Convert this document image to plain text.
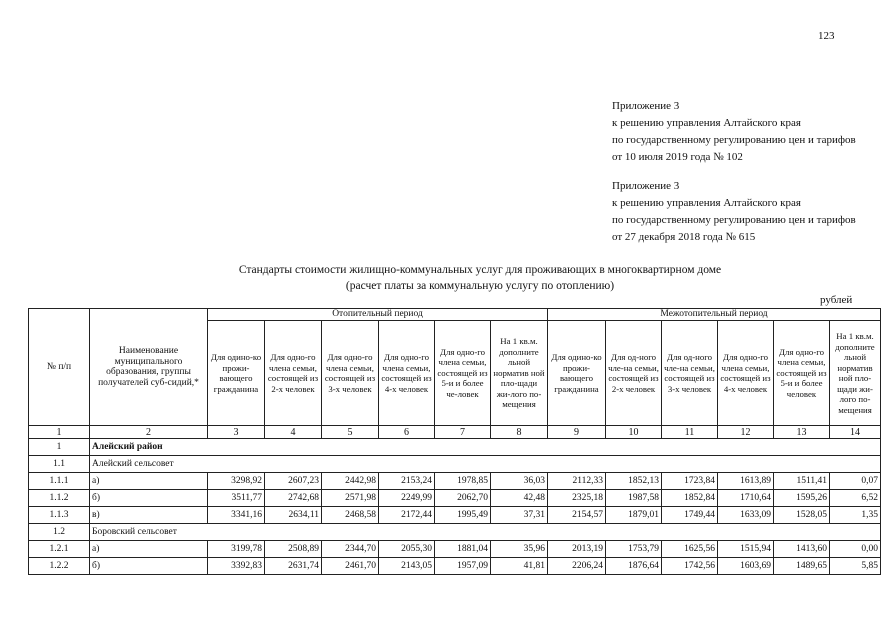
123
Приложение 3
к решению управления Алтайского края
по государственному регулированию цен и тарифов
от 10 июля 2019 года № 102
Приложение 3
к решению управления Алтайского края
по государственному регулированию цен и тарифов
от 27 декабря 2018 года № 615
Стандарты стоимости жилищно-коммунальных услуг для проживающих в многоквартирном доме
(расчет платы за коммунальную услугу по отоплению)
рублей
№ п/п	Наименование муниципального образования, группы получателей суб-сидий,*	Отопительный период						Межотопительный период					
		Для одино-ко прожи-вающего гражданина	Для одно-го члена семьи, состоящей из 2-х человек	Для одно-го члена семьи, состоящей из 3-х человек	Для одно-го члена семьи, состоящей из 4-х человек	Для одно-го члена семьи, состоящей из 5-и и более че-ловек	На 1 кв.м. дополните льной норматив ной пло-щади жи-лого по-мещения	Для одино-ко прожи-вающего гражданина	Для од-ного чле-на семьи, состоящей из 2-х человек	Для од-ного чле-на семьи, состоящей из 3-х человек	Для одно-го члена семьи, состоящей из 4-х человек	Для одно-го члена семьи, состоящей из 5-и и более человек	На 1 кв.м. дополните льной норматив ной пло-щади жи-лого по-мещения
1	2	3	4	5	6	7	8	9	10	11	12	13	14
1	Алейский район												
1.1	Алейский сельсовет												
1.1.1	а)	3298,92	2607,23	2442,98	2153,24	1978,85	36,03	2112,33	1852,13	1723,84	1613,89	1511,41	0,07
1.1.2	б)	3511,77	2742,68	2571,98	2249,99	2062,70	42,48	2325,18	1987,58	1852,84	1710,64	1595,26	6,52
1.1.3	в)	3341,16	2634,11	2468,58	2172,44	1995,49	37,31	2154,57	1879,01	1749,44	1633,09	1528,05	1,35
1.2	Боровский сельсовет												
1.2.1	а)	3199,78	2508,89	2344,70	2055,30	1881,04	35,96	2013,19	1753,79	1625,56	1515,94	1413,60	0,00
1.2.2	б)	3392,83	2631,74	2461,70	2143,05	1957,09	41,81	2206,24	1876,64	1742,56	1603,69	1489,65	5,85
